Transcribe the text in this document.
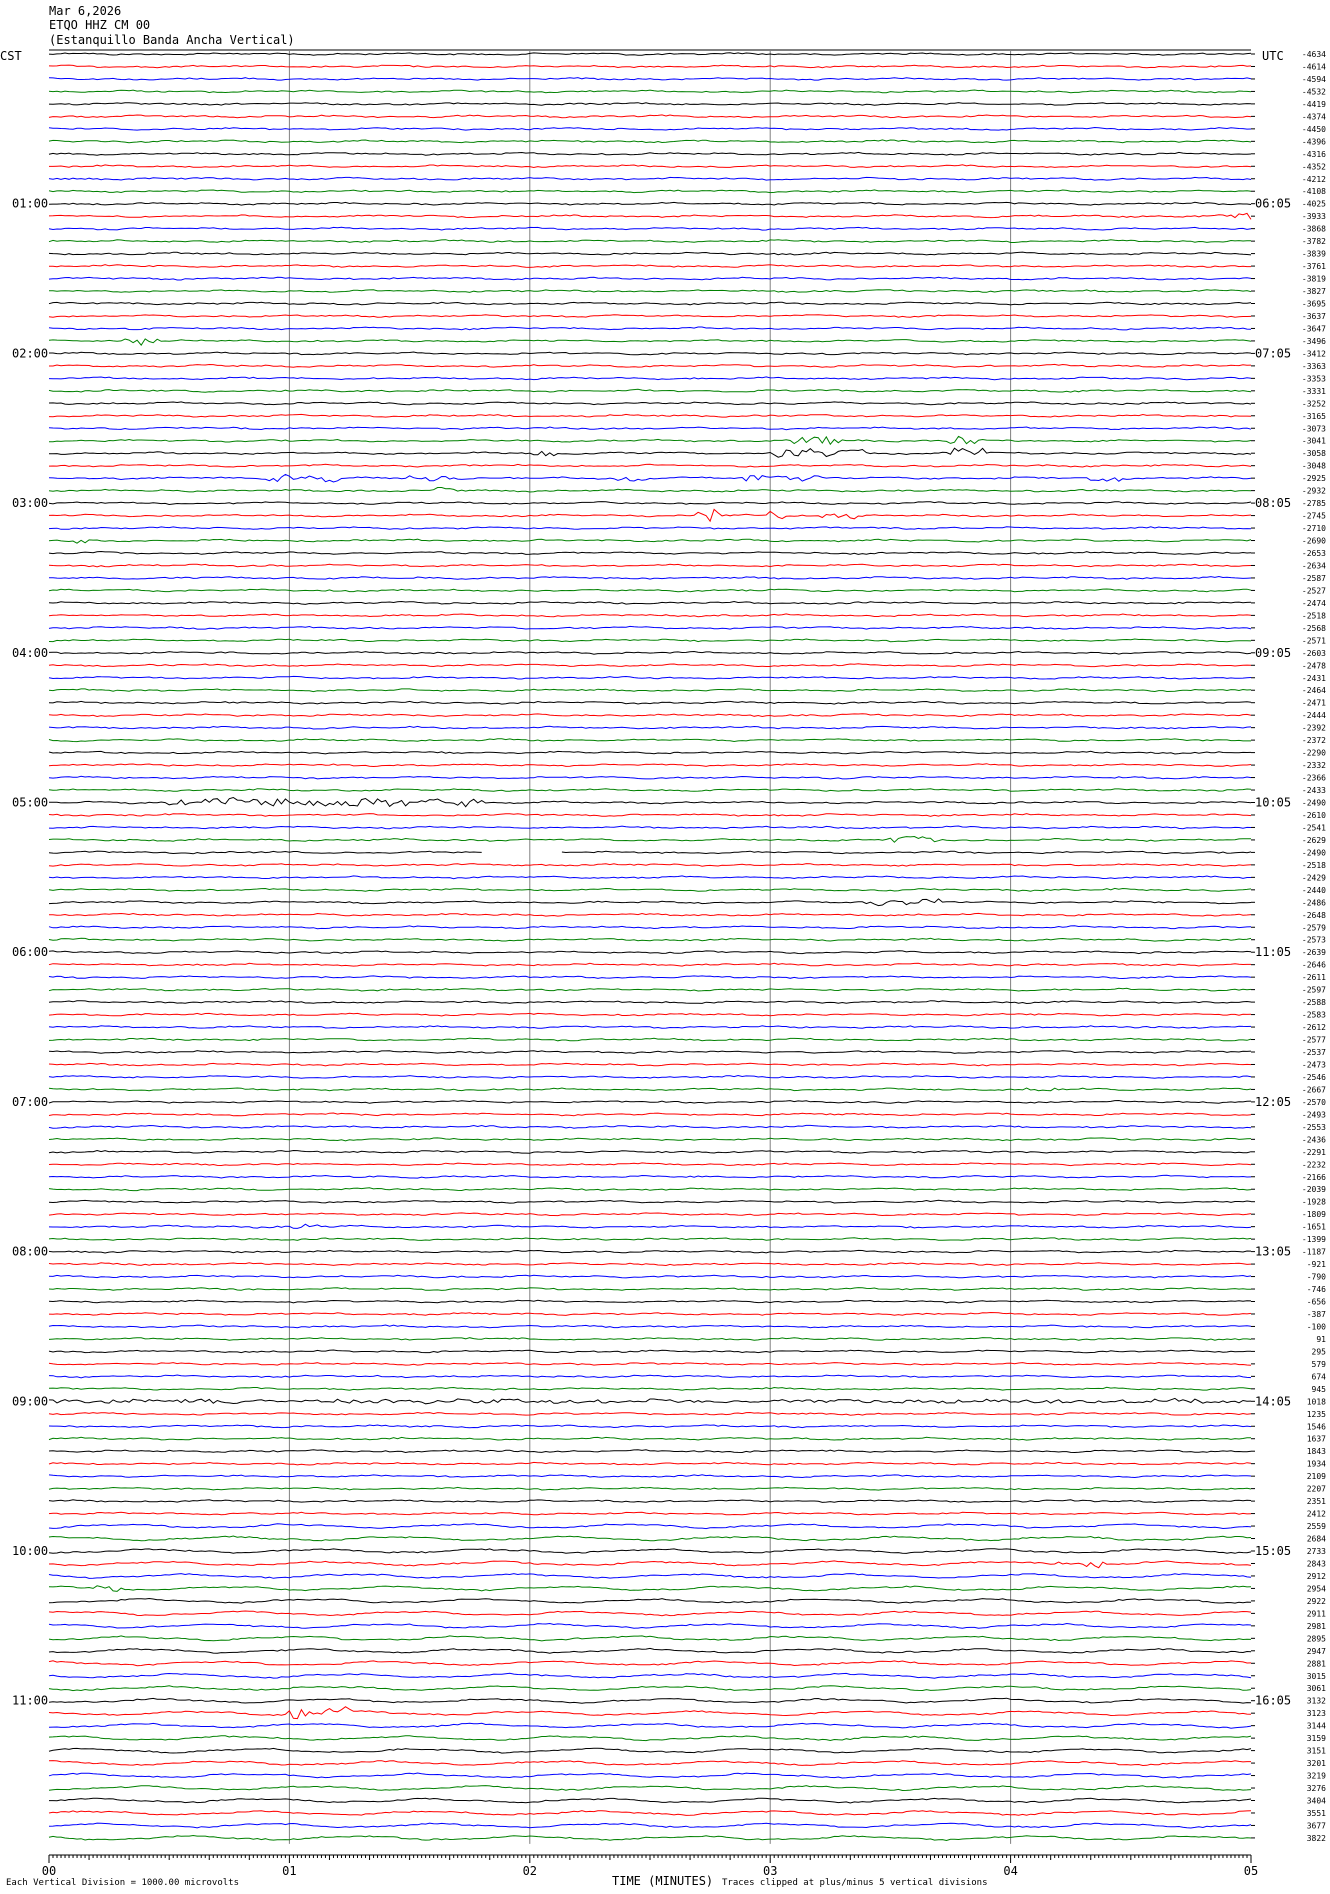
Mar 6,2026
ETQO HHZ CM 00
(Estanquillo Banda Ancha Vertical)
CST	UTC -4634
-4614
-4594
-4532
-4419
-4374
-4450
-4396
-4316
-4352
-4212
-4108
-4025
-3933
-3868
-3782
-3839
-3761
-3819
-3827
-3695
-3637
-3647
-3496
-3412
-3363
-3353
-3331
-3252
-3165
-3073
-3041
-3058
-3048
-2925
-2932
-2785
-2745
-2710
-2690
-2653
-2634
-2587
-2527
-2474
-2518
-2568
-2571
-2603
-2478
-2431
-2464
-2471
-2444
-2392
-2372
-2290
-2332
-2366
-2433
-2490
-2610
-2541
-2629
-2490
-2518
-2429
-2440
-2486
-2648
-2579
-2573
-2639
-2646
-2611
-2597
-2588
-2583
-2612
-2577
-2537
-2473
-2546
-2667
-2570
-2493
-2553
-2436
-2291
-2232
-2166
-2039
-1928
-1809
-1651
-1399
-1187
-921
-790
-746
-656
-387
-100
91
295
579
674
945
1018
1235
1546
1637
1843
1934
2109
2207
2351
2412
2559
2684
2733
2843
2912
2954
2922
2911
2981
2895
2947
2881
3015
3061
3132
3123
3144
3159
3151
3201
3219
3276
3404
3551
3677
3822
01:00
02:00
03:00
04:00
05:00
06:00
07:00
08:00
09:00
10:00
11:00
06:05
07:05
08:05
09:05
10:05
11:05
12:05
13:05
14:05
15:05
16:05
00	01	02	03	04	05
Each Vertical Division = 1000.00 microvolts	TIME (MINUTES) Traces clipped at plus/minus 5 vertical divisions
